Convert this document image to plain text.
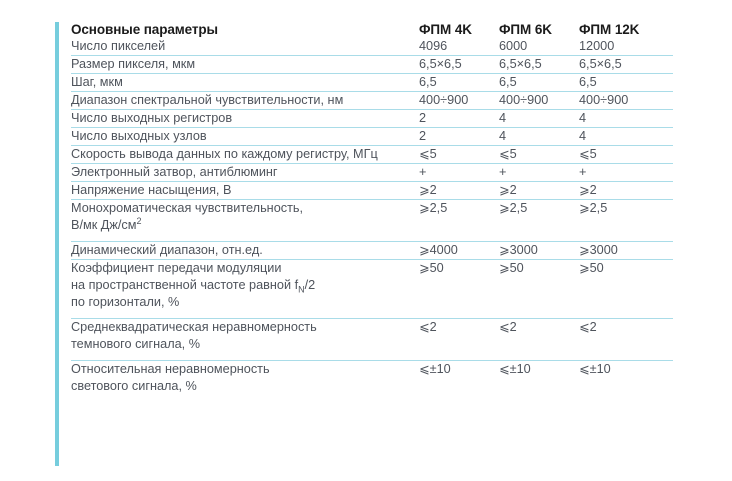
Основные параметры	ФПМ 4K	ФПМ 6K	ФПМ 12K
Число пикселей	4096	6000	12000
Размер пикселя, мкм	6,5×6,5	6,5×6,5	6,5×6,5
Шаг, мкм	6,5	6,5	6,5
Диапазон спектральной чувствительности, нм	400÷900	400÷900	400÷900
Число выходных регистров	2	4	4
Число выходных узлов	2	4	4
Скорость вывода данных по каждому регистру, МГц	⩽5	⩽5	⩽5
Электронный затвор, антиблюминг	+	+	+
Напряжение насыщения, В	⩾2	⩾2	⩾2
Монохроматическая чувствительность,
В/мк $Дж/см^2$	⩾2,5	⩾2,5	⩾2,5
Динамический диапазон, отн.ед.	⩾4000	⩾3000	⩾3000
Коэффициент передачи модуляции
на пространственной частоте равной $f_N/2$
по горизонтали, %	⩾50	⩾50	⩾50
Среднеквадратическая неравномерность
темнового сигнала, %	⩽2	⩽2	⩽2
Относительная неравномерность
светового сигнала, %	⩽±10	⩽±10	⩽±10
